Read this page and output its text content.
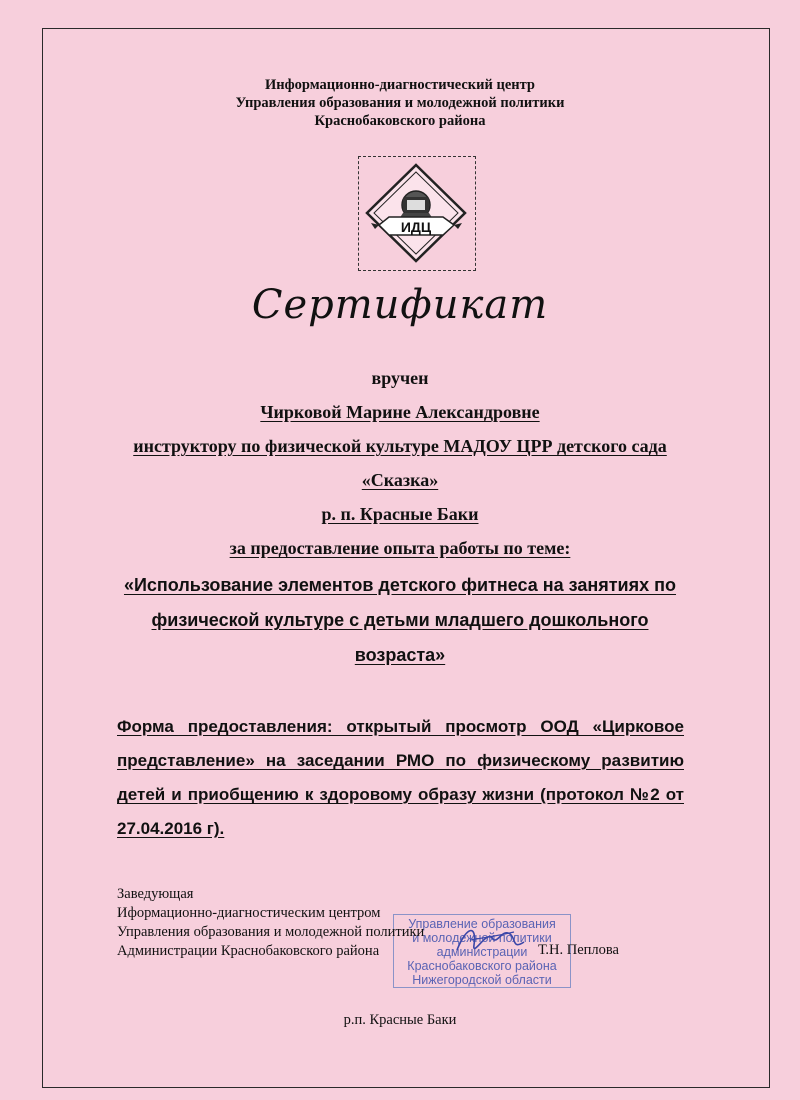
Информационно-диагностический центр
Управления образования и молодежной политики
Краснобаковского района
ИДЦ
Сертификат
вручен
Чирковой Марине Александровне
инструктору по физической культуре МАДОУ ЦРР детского сада
«Сказка»
р. п. Красные Баки
за предоставление опыта работы по теме:
«Использование элементов детского фитнеса на занятиях по
физической культуре с детьми младшего дошкольного
возраста»
Форма предоставления: открытый просмотр ООД «Цирковое представление» на заседании РМО по физическому развитию детей и приобщению к здоровому образу жизни (протокол №2 от 27.04.2016 г).
Управление образования
и молодежной политики
администрации
Краснобаковского района
Нижегородской области
Заведующая
Иформационно-диагностическим центром
Управления образования и молодежной политики
Администрации Краснобаковского района	Т.Н. Пеплова
р.п. Красные Баки
